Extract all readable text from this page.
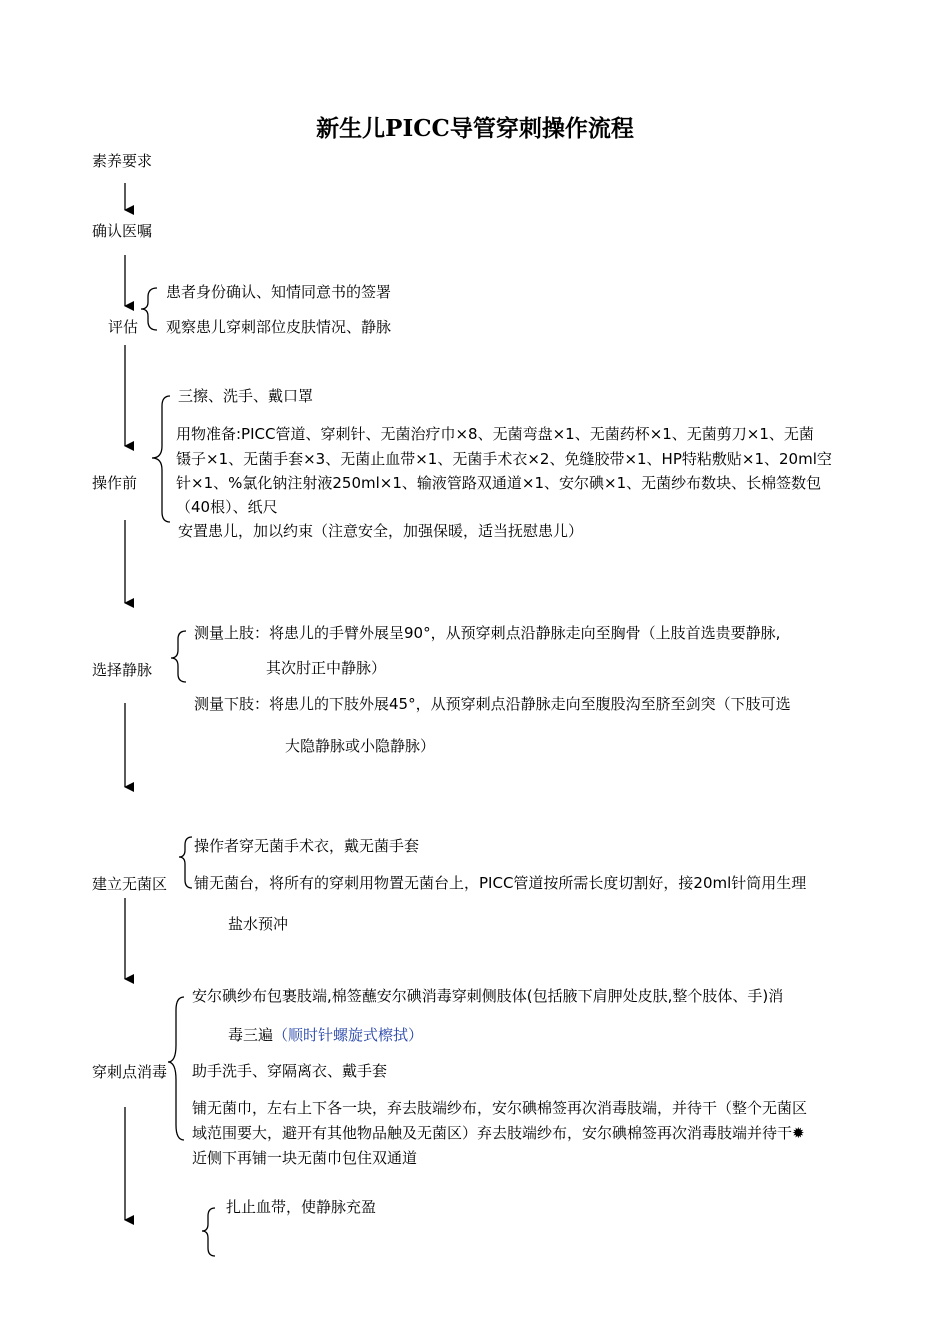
新生儿PICC导管穿刺操作流程
素养要求
确认医嘱
评估
操作前
选择静脉
建立无菌区
穿刺点消毒
患者身份确认、知情同意书的签署
观察患儿穿刺部位皮肤情况、静脉
三擦、洗手、戴口罩
用物准备:PICC管道、穿刺针、无菌治疗巾×8、无菌弯盘×1、无菌药杯×1、无菌剪刀×1、无菌
镊子×1、无菌手套×3、无菌止血带×1、无菌手术衣×2、免缝胶带×1、HP特粘敷贴×1、20ml空
针×1、%氯化钠注射液250ml×1、输液管路双通道×1、安尔碘×1、无菌纱布数块、长棉签数包
（40根）、纸尺
安置患儿，加以约束（注意安全，加强保暖，适当抚慰患儿）
测量上肢：将患儿的手臂外展呈90°，从预穿刺点沿静脉走向至胸骨（上肢首选贵要静脉,
其次肘正中静脉）
测量下肢：将患儿的下肢外展45°，从预穿刺点沿静脉走向至腹股沟至脐至剑突（下肢可选
大隐静脉或小隐静脉）
操作者穿无菌手术衣，戴无菌手套
铺无菌台，将所有的穿刺用物置无菌台上，PICC管道按所需长度切割好，接20ml针筒用生理
盐水预冲
安尔碘纱布包裹肢端,棉签蘸安尔碘消毒穿刺侧肢体(包括腋下肩胛处皮肤,整个肢体、手)消
毒三遍（顺时针螺旋式檫拭）
助手洗手、穿隔离衣、戴手套
铺无菌巾，左右上下各一块，弃去肢端纱布，安尔碘棉签再次消毒肢端，并待干（整个无菌区
域范围要大，避开有其他物品触及无菌区）弃去肢端纱布，安尔碘棉签再次消毒肢端并待干✹
近侧下再铺一块无菌巾包住双通道
扎止血带，使静脉充盈
